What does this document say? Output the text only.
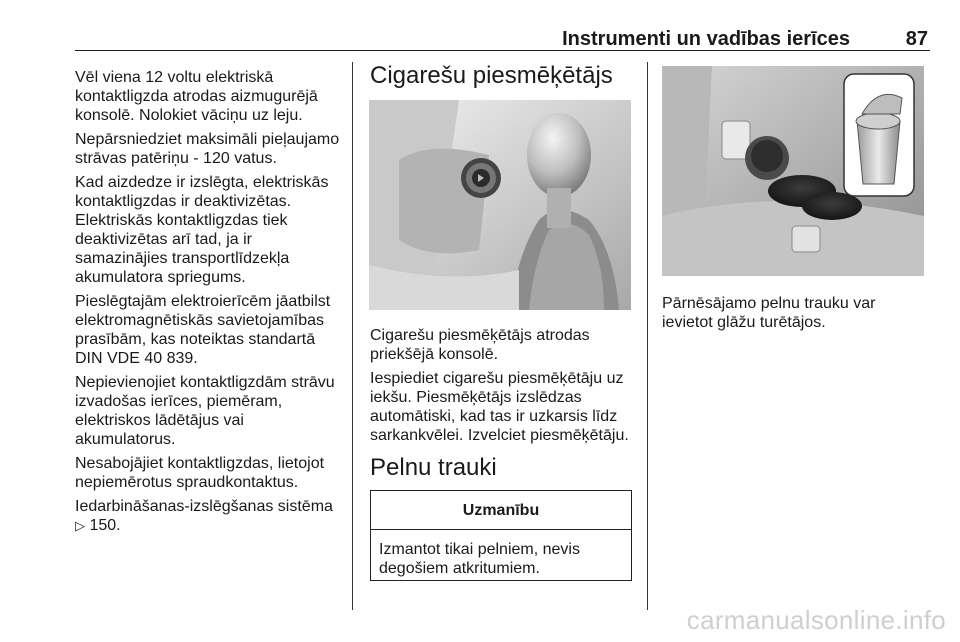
Instrumenti un vadības ierīces	87

Vēl viena 12 voltu elektriskā kontaktligzda atrodas aizmugurējā konsolē. Nolokiet vāciņu uz leju.

Nepārsniedziet maksimāli pieļaujamo strāvas patēriņu - 120 vatus.

Kad aizdedze ir izslēgta, elektriskās kontaktligzdas ir deaktivizētas. Elektriskās kontaktligzdas tiek deaktivizētas arī tad, ja ir samazinājies transportlīdzekļa akumulatora spriegums.

Pieslēgtajām elektroierīcēm jāatbilst elektromagnētiskās savietojamības prasībām, kas noteiktas standartā DIN VDE 40 839.

Nepievienojiet kontaktligzdām strāvu izvadošas ierīces, piemēram, elektriskos lādētājus vai akumulatorus.

Nesabojājiet kontaktligzdas, lietojot nepiemērotus spraudkontaktus.

Iedarbināšanas-izslēgšanas sistēma
▷ 150.

Cigarešu piesmēķētājs

Cigarešu piesmēķētājs atrodas priekšējā konsolē.

Iespiediet cigarešu piesmēķētāju uz iekšu. Piesmēķētājs izslēdzas automātiski, kad tas ir uzkarsis līdz sarkankvēlei. Izvelciet piesmēķētāju.

Pelnu trauki
Uzmanību
Izmantot tikai pelniem, nevis degošiem atkritumiem.

Pārnēsājamo pelnu trauku var ievietot glāžu turētājos.

carmanualsonline.info
